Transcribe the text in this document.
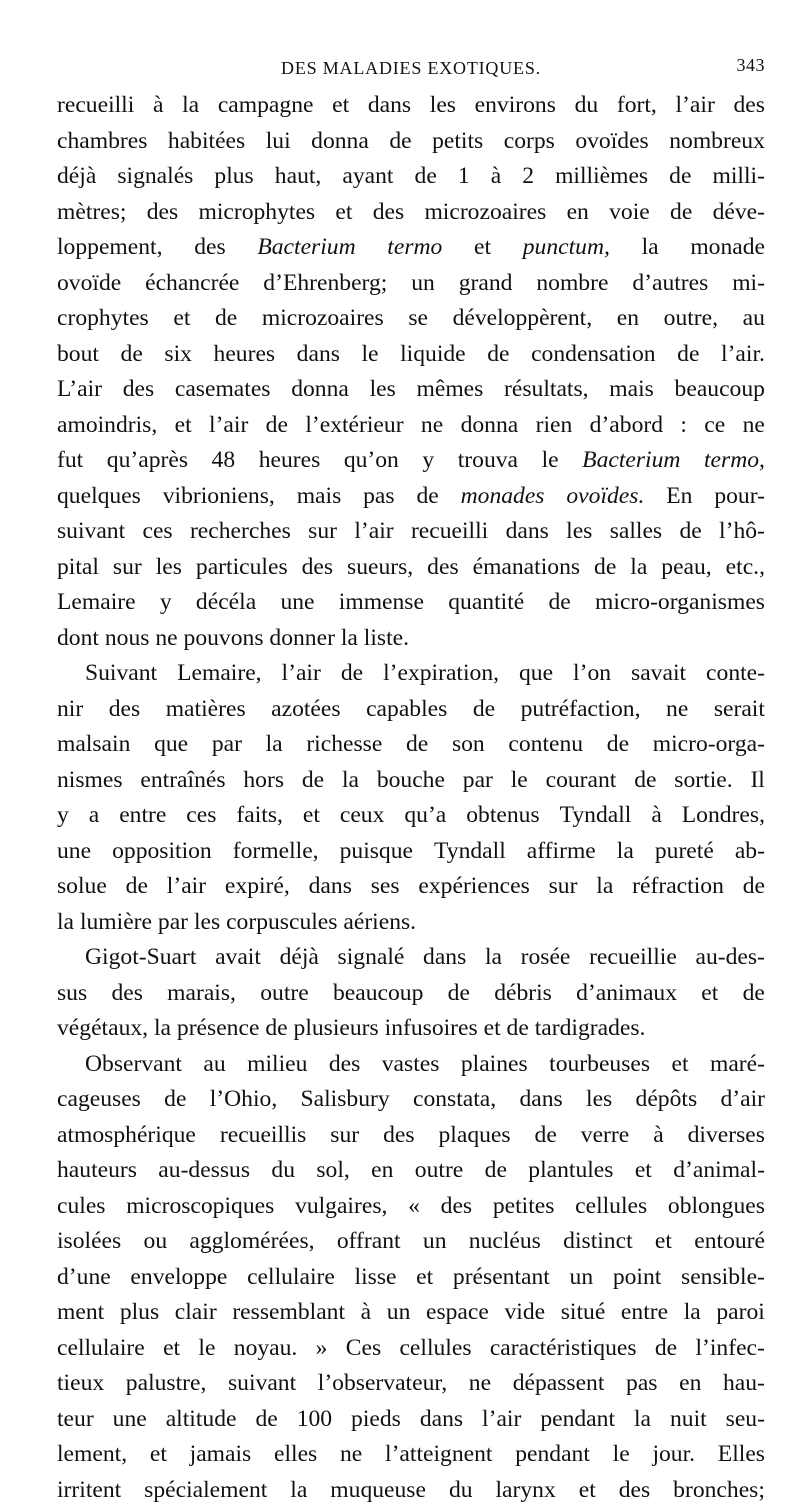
DES MALADIES EXOTIQUES.	343
recueilli à la campagne et dans les environs du fort, l’air des
chambres habitées lui donna de petits corps ovoïdes nombreux
déjà signalés plus haut, ayant de 1 à 2 millièmes de milli-
mètres; des microphytes et des microzoaires en voie de déve-
loppement, des Bacterium termo et punctum, la monade
ovoïde échancrée d’Ehrenberg; un grand nombre d’autres mi-
crophytes et de microzoaires se développèrent, en outre, au
bout de six heures dans le liquide de condensation de l’air.
L’air des casemates donna les mêmes résultats, mais beaucoup
amoindris, et l’air de l’extérieur ne donna rien d’abord : ce ne
fut qu’après 48 heures qu’on y trouva le Bacterium termo,
quelques vibrioniens, mais pas de monades ovoïdes. En pour-
suivant ces recherches sur l’air recueilli dans les salles de l’hô-
pital sur les particules des sueurs, des émanations de la peau, etc.,
Lemaire y décéla une immense quantité de micro-organismes
dont
nous
ne
pouvons
donner
la
liste.
Suivant Lemaire, l’air de l’expiration, que l’on savait conte-
nir des matières azotées capables de putréfaction, ne serait
malsain que par la richesse de son contenu de micro-orga-
nismes entraînés hors de la bouche par le courant de sortie. Il
y a entre ces faits, et ceux qu’a obtenus Tyndall à Londres,
une opposition formelle, puisque Tyndall affirme la pureté ab-
solue de l’air expiré, dans ses expériences sur la réfraction de
la
lumière
par
les
corpuscules
aériens.
Gigot-Suart avait déjà signalé dans la rosée recueillie au-des-
sus des marais, outre beaucoup de débris d’animaux et de
végétaux,
la
présence
de
plusieurs
infusoires
et
de
tardigrades.
Observant au milieu des vastes plaines tourbeuses et maré-
cageuses de l’Ohio, Salisbury constata, dans les dépôts d’air
atmosphérique recueillis sur des plaques de verre à diverses
hauteurs au-dessus du sol, en outre de plantules et d’animal-
cules microscopiques vulgaires, « des petites cellules oblongues
isolées ou agglomérées, offrant un nucléus distinct et entouré
d’une enveloppe cellulaire lisse et présentant un point sensible-
ment plus clair ressemblant à un espace vide situé entre la paroi
cellulaire et le noyau. » Ces cellules caractéristiques de l’infec-
tieux palustre, suivant l’observateur, ne dépassent pas en hau-
teur une altitude de 100 pieds dans l’air pendant la nuit seu-
lement, et jamais elles ne l’atteignent pendant le jour. Elles
irritent spécialement la muqueuse du larynx et des bronches;
